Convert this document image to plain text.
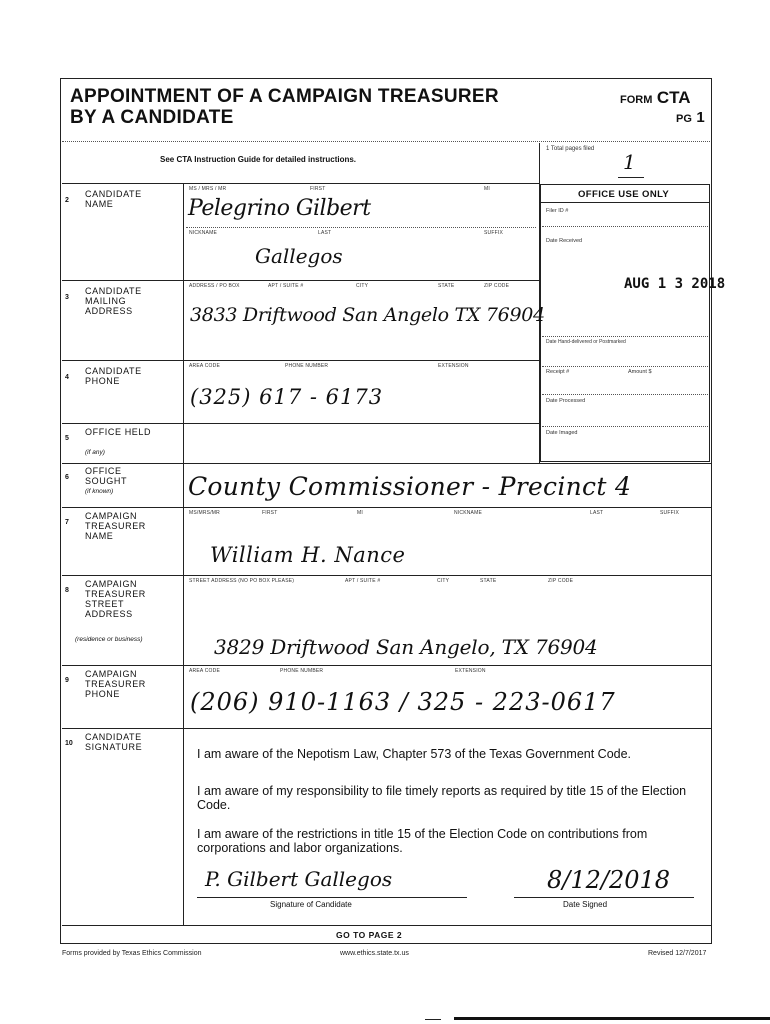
APPOINTMENT OF A CAMPAIGN TREASURER
BY A CANDIDATE
FORM CTA
PG 1
See CTA Instruction Guide for detailed instructions.
1 Total pages filed
1
OFFICE USE ONLY
Filer ID #
Date Received
AUG 1 3 2018
Date Hand-delivered or Postmarked
Receipt #	Amount $
Date Processed
Date Imaged
2
CANDIDATE NAME
MS / MRS / MR	FIRST	MI
Pelegrino Gilbert
NICKNAME	LAST	SUFFIX
Gallegos
3
CANDIDATE MAILING ADDRESS
ADDRESS / PO BOX	APT / SUITE #	CITY	STATE	ZIP CODE
3833 Driftwood San Angelo TX 76904
4
CANDIDATE PHONE
AREA CODE	PHONE NUMBER	EXTENSION
(325) 617 - 6173
5
OFFICE HELD
(if any)
6
OFFICE SOUGHT
(if known)	County Commissioner - Precinct 4
7
CAMPAIGN TREASURER NAME
MS/MRS/MR	FIRST	MI	NICKNAME	LAST	SUFFIX
William H. Nance
8
CAMPAIGN TREASURER STREET ADDRESS
(residence or business)
STREET ADDRESS (NO PO BOX PLEASE)	APT / SUITE #	CITY	STATE	ZIP CODE
3829 Driftwood San Angelo, TX 76904
9
CAMPAIGN TREASURER PHONE
AREA CODE	PHONE NUMBER	EXTENSION
(206) 910-1163 / 325 - 223-0617
10
CANDIDATE SIGNATURE	I am aware of the Nepotism Law, Chapter 573 of the Texas Government Code.
I am aware of my responsibility to file timely reports as required by title 15 of the Election Code.
I am aware of the restrictions in title 15 of the Election Code on contributions from corporations and labor organizations.
P. Gilbert Gallegos
Signature of Candidate
8/12/2018
Date Signed
GO TO PAGE 2
Forms provided by Texas Ethics Commission	www.ethics.state.tx.us	Revised 12/7/2017
